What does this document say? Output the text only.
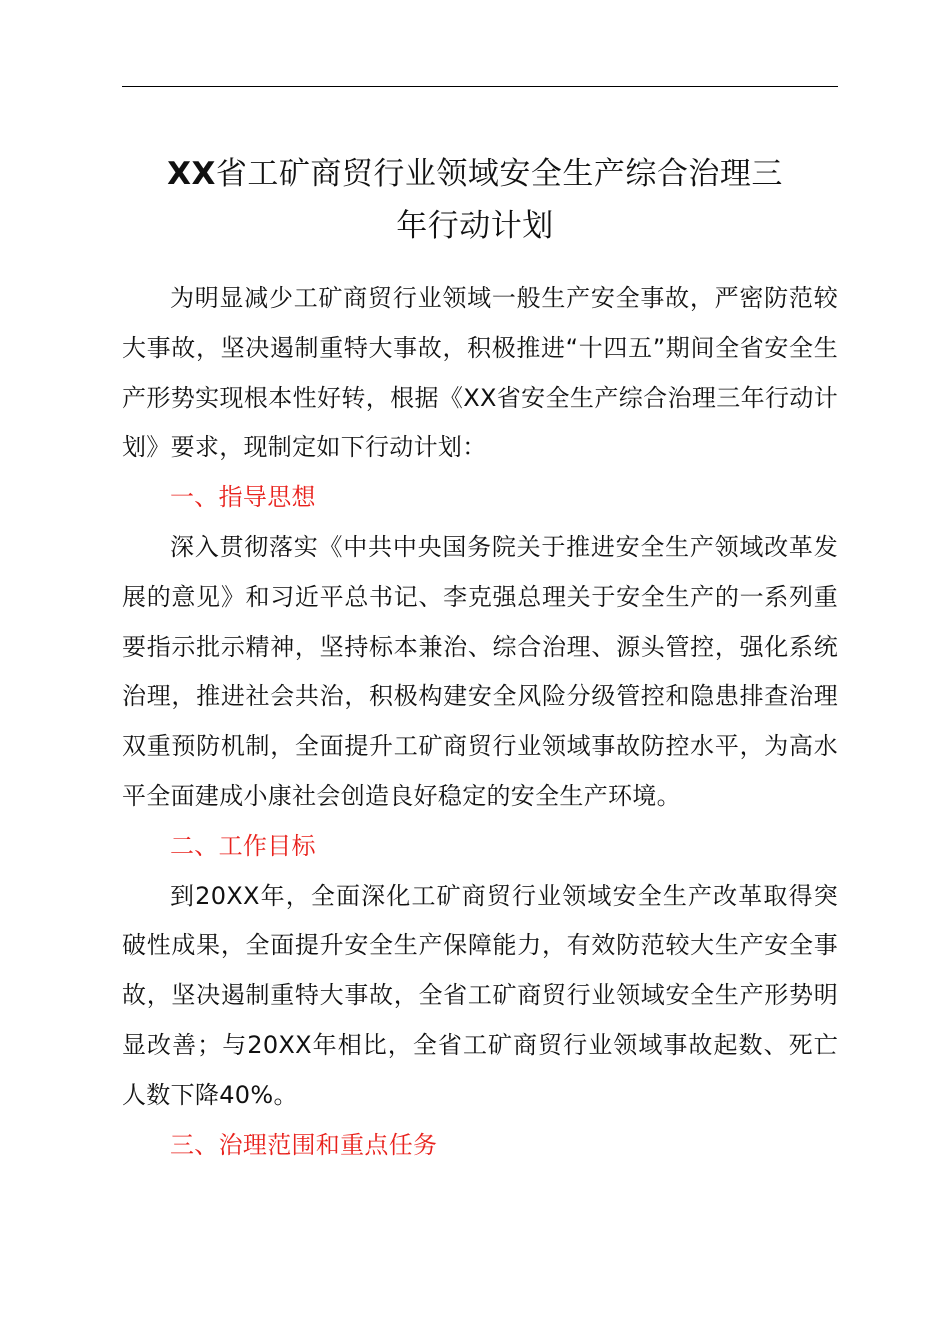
XX省工矿商贸行业领域安全生产综合治理三
年行动计划

为明显减少工矿商贸行业领域一般生产安全事故，严密防范较大事故，坚决遏制重特大事故，积极推进“十四五”期间全省安全生产形势实现根本性好转，根据《XX省安全生产综合治理三年行动计划》要求，现制定如下行动计划：

一、指导思想

深入贯彻落实《中共中央国务院关于推进安全生产领域改革发展的意见》和习近平总书记、李克强总理关于安全生产的一系列重要指示批示精神，坚持标本兼治、综合治理、源头管控，强化系统治理，推进社会共治，积极构建安全风险分级管控和隐患排查治理双重预防机制，全面提升工矿商贸行业领域事故防控水平，为高水平全面建成小康社会创造良好稳定的安全生产环境。

二、工作目标

到20XX年，全面深化工矿商贸行业领域安全生产改革取得突破性成果，全面提升安全生产保障能力，有效防范较大生产安全事故，坚决遏制重特大事故，全省工矿商贸行业领域安全生产形势明显改善；与20XX年相比，全省工矿商贸行业领域事故起数、死亡人数下降40%。

三、治理范围和重点任务
